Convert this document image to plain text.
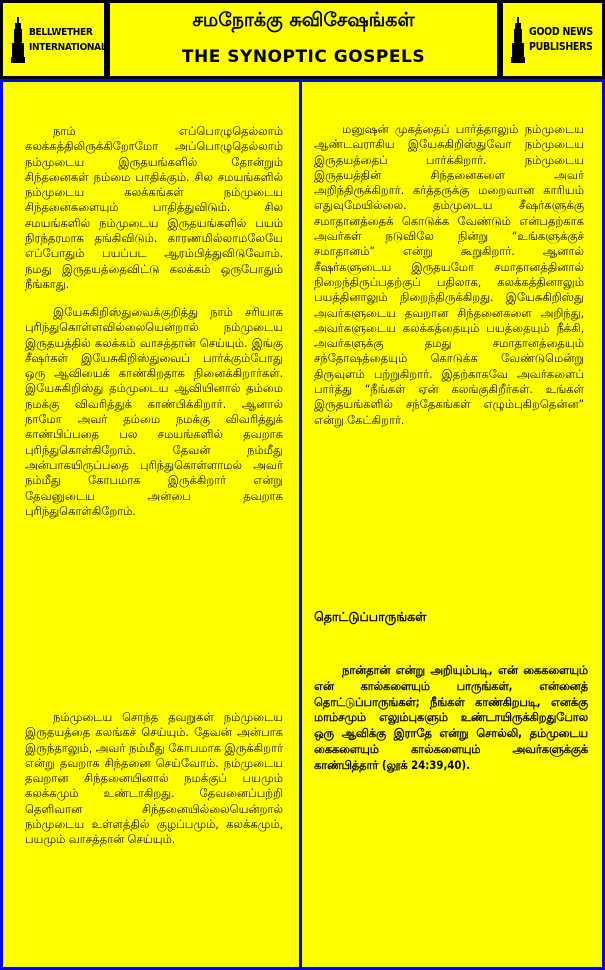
BELLWETHER
INTERNATIONAL
சமநோக்கு சுவிசேஷங்கள்
THE SYNOPTIC GOSPELS
GOOD NEWS
PUBLISHERS

நாம் எப்பொழுதெல்லாம் கலக்கத்திலிருக்கிறோமோ அப்பொழுதெல்லாம் நம்முடைய இருதயங்களில் தோன்றும் சிந்தனைகள் நம்மை பாதிக்கும். சில சமயங்களில் நம்முடைய கலக்கங்கள் நம்முடைய சிந்தனைகளையும் பாதித்துவிடும். சில சமயங்களில் நம்முடைய இருதயங்களில் பயம் நிரந்தரமாக தங்கிவிடும். காரணமில்லாமலேயே எப்போதும் பயப்பட ஆரம்பித்துவிடுவோம். நமது இருதயத்தைவிட்டு கலக்கம் ஒருபோதும் நீங்காது.

இயேசுகிறிஸ்துவைக்குறித்து நாம் சரியாக புரிந்துகொள்ளவில்லையென்றால் நம்முடைய இருதயத்தில் கலக்கம் வாசத்தான் செய்யும். இங்கு சீஷர்கள் இயேசுகிறிஸ்துவைப் பார்க்கும்போது ஒரு ஆவியைக் காண்கிறதாக நினைக்கிறார்கள். இயேசுகிறிஸ்து தம்முடைய ஆவியினால் தம்மை நமக்கு விவரித்துக் காண்பிக்கிறார். ஆனால் நாமோ அவர் தம்மை நமக்கு விவரித்துக் காண்பிப்பதை பல சமயங்களில் தவறாக புரிந்துகொள்கிறோம். தேவன் நம்மீது அன்பாகயிருப்பதை புரிந்துகொள்ளாமல் அவர் நம்மீது கோபமாக இருக்கிறார் என்று தேவனுடைய அன்பை தவறாக புரிந்துகொள்கிறோம்.

நம்முடைய சொந்த தவறுகள் நம்முடைய இருதயத்தை கலங்கச் செய்யும். தேவன் அன்பாக இருந்தாலும், அவர் நம்மீது கோபமாக இருக்கிறார் என்று தவறாக சிந்தனை செய்வோம். நம்முடைய தவறான சிந்தனையினால் நமக்குப் பயமும் கலக்கமும் உண்டாகிறது. தேவனைப்பற்றி தெளிவான சிந்தனையில்லையென்றால் நம்முடைய உள்ளத்தில் குழப்பமும், கலக்கமும், பயமும் வாசத்தான் செய்யும்.

மனுஷன் முகத்தைப் பார்த்தாலும் நம்முடைய ஆண்டவராகிய இயேசுகிறிஸ்துவோ நம்முடைய இருதயத்தைப் பார்க்கிறார். நம்முடைய இருதயத்தின் சிந்தனைகளை அவர் அறிந்திருக்கிறார். கர்த்தருக்கு மறைவான காரியம் எதுவுமேயில்லை. தம்முடைய சீஷர்களுக்கு சமாதானத்தைக் கொடுக்க வேண்டும் என்பதற்காக அவர்கள் நடுவிலே நின்று “உங்களுக்குச் சமாதானம்” என்று கூறுகிறார். ஆனால் சீஷர்களுடைய இருதயமோ சமாதானத்தினால் நிறைந்திருப்பதற்குப் பதிலாக, கலக்கத்தினாலும் பயத்தினாலும் நிறைந்திருக்கிறது. இயேசுகிறிஸ்து அவர்களுடைய தவறான சிந்தனைகளை அறிந்து, அவர்களுடைய கலக்கத்தையும் பயத்தையும் நீக்கி, அவர்களுக்கு தமது சமாதானத்தையும் சந்தோஷத்தையும் கொடுக்க வேண்டுமென்று திருவுளம் பற்றுகிறார். இதற்காகவே அவர்களைப் பார்த்து “நீங்கள் ஏன் கலங்குகிறீர்கள். உங்கள் இருதயங்களில் சந்தேகங்கள் எழும்புகிறதென்ன” என்று கேட்கிறார்.

தொட்டுப்பாருங்கள்

நான்தான் என்று அறியும்படி, என் கைகளையும் என் கால்களையும் பாருங்கள், என்னைத் தொட்டுப்பாருங்கள்; நீங்கள் காண்கிறபடி, எனக்கு மாம்சமும் எலும்புகளும் உண்டாயிருக்கிறதுபோல ஒரு ஆவிக்கு இராதே என்று சொல்லி, தம்முடைய கைகளையும் கால்களையும் அவர்களுக்குக் காண்பித்தார் (லூக் 24:39,40).
